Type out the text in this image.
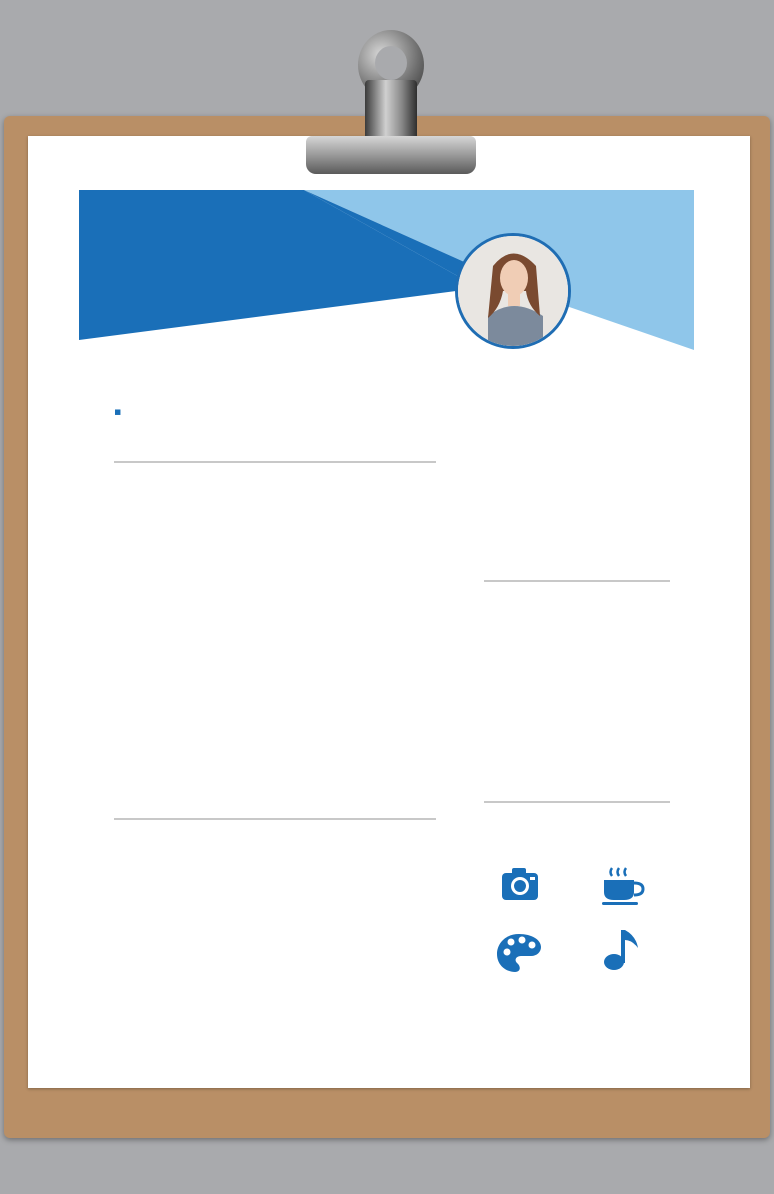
▪
